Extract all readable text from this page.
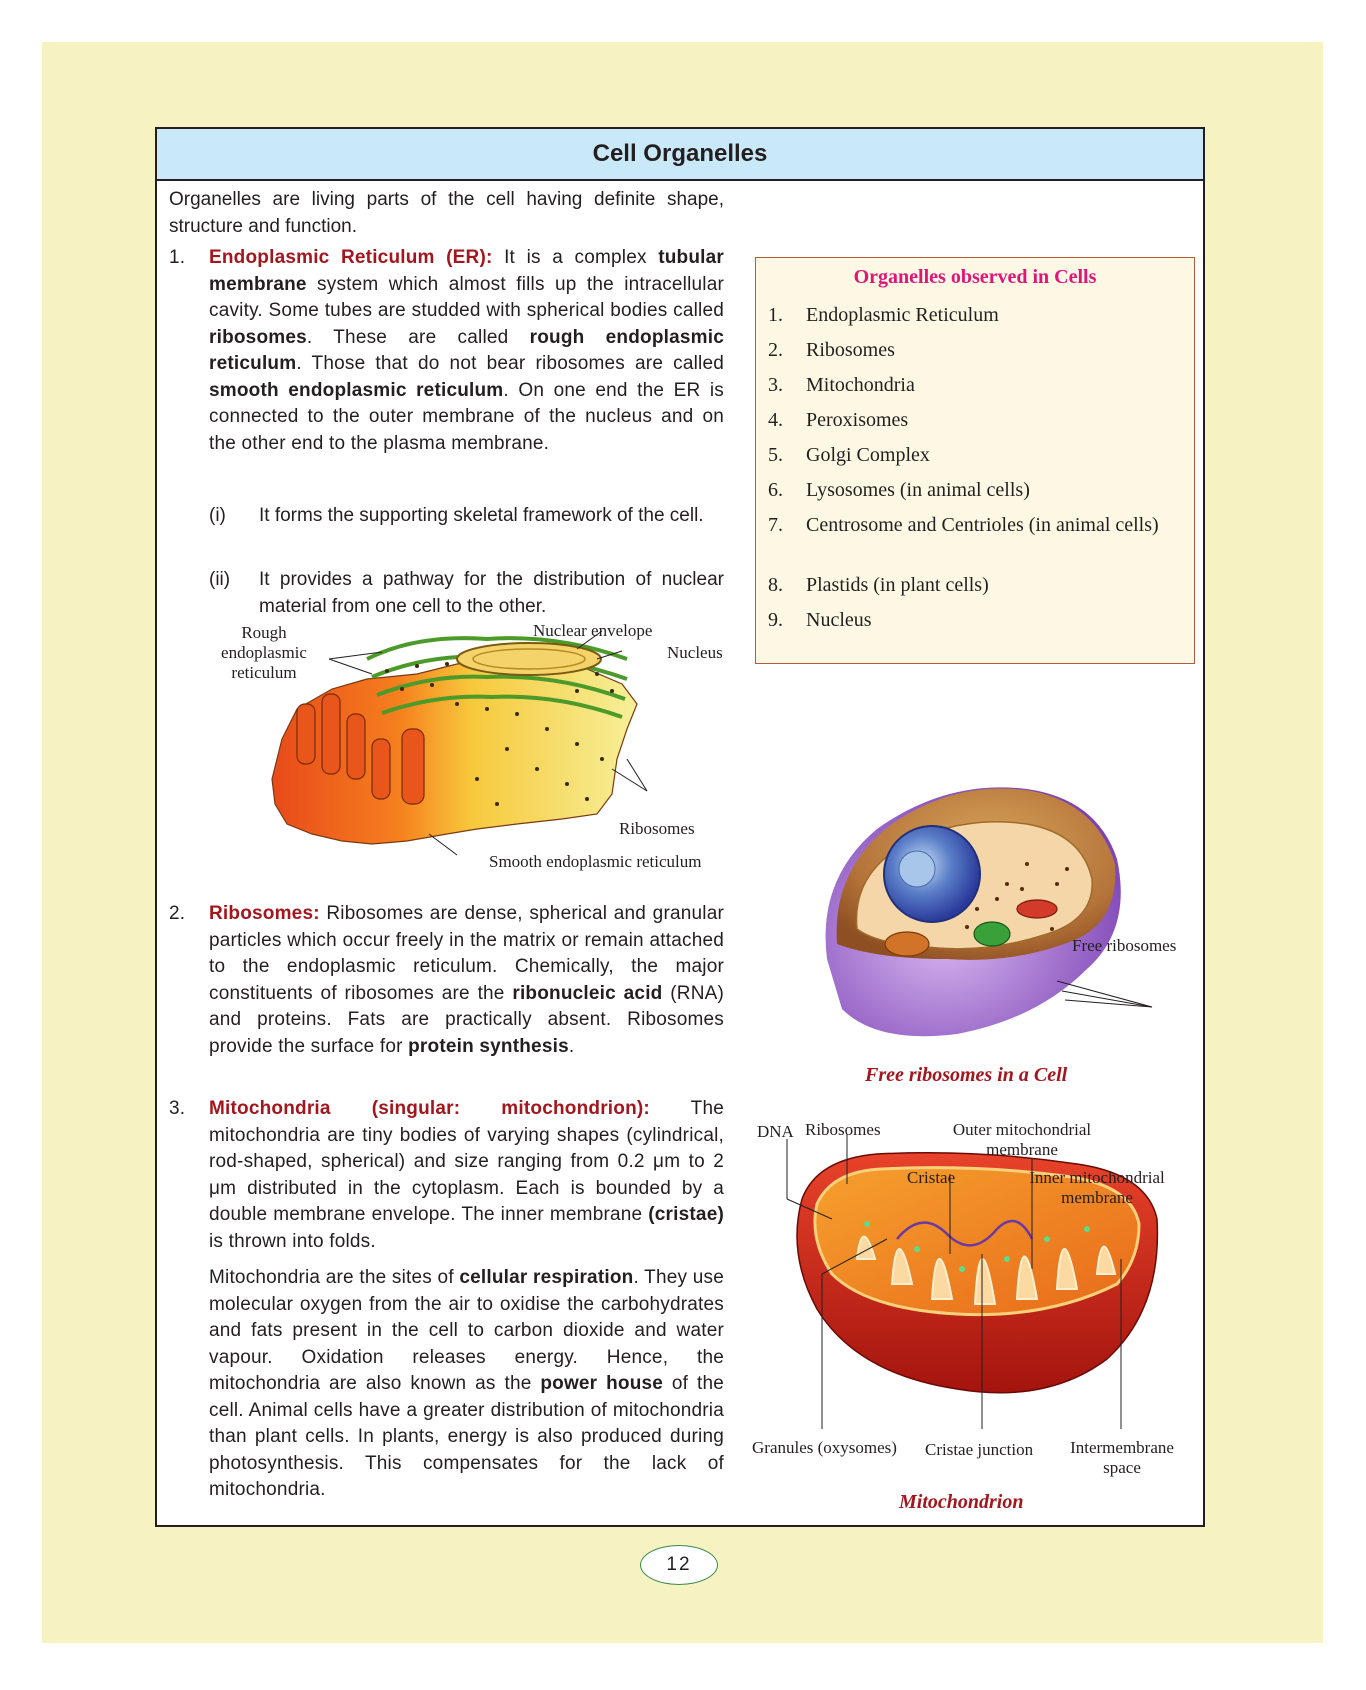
Cell Organelles

Organelles are living parts of the cell having definite shape, structure and function.

1. Endoplasmic Reticulum (ER): It is a complex tubular membrane system which almost fills up the intracellular cavity. Some tubes are studded with spherical bodies called ribosomes. These are called rough endoplasmic reticulum. Those that do not bear ribosomes are called smooth endoplasmic reticulum. On one end the ER is connected to the outer membrane of the nucleus and on the other end to the plasma membrane.
(i) It forms the supporting skeletal framework of the cell.
(ii) It provides a pathway for the distribution of nuclear material from one cell to the other.
Rough endoplasmic reticulum
Nuclear envelope
Nucleus
Ribosomes
Smooth endoplasmic reticulum
2. Ribosomes: Ribosomes are dense, spherical and granular particles which occur freely in the matrix or remain attached to the endoplasmic reticulum. Chemically, the major constituents of ribosomes are the ribonucleic acid (RNA) and proteins. Fats are practically absent. Ribosomes provide the surface for protein synthesis.
3. Mitochondria (singular: mitochondrion): The mitochondria are tiny bodies of varying shapes (cylindrical, rod-shaped, spherical) and size ranging from 0.2 μm to 2 μm distributed in the cytoplasm. Each is bounded by a double membrane envelope. The inner membrane (cristae) is thrown into folds.
Mitochondria are the sites of cellular respiration. They use molecular oxygen from the air to oxidise the carbohydrates and fats present in the cell to carbon dioxide and water vapour. Oxidation releases energy. Hence, the mitochondria are also known as the power house of the cell. Animal cells have a greater distribution of mitochondria than plant cells. In plants, energy is also produced during photosynthesis. This compensates for the lack of mitochondria.
Organelles observed in Cells
1. Endoplasmic Reticulum
2. Ribosomes
3. Mitochondria
4. Peroxisomes
5. Golgi Complex
6. Lysosomes (in animal cells)
7. Centrosome and Centrioles (in animal cells)
8. Plastids (in plant cells)
9. Nucleus
Free ribosomes
Free ribosomes in a Cell
DNA Ribosomes	Outer mitochondrial membrane
Cristae	Inner mitochondrial membrane
Granules (oxysomes) Cristae junction	Intermembrane space
Mitochondrion
12
